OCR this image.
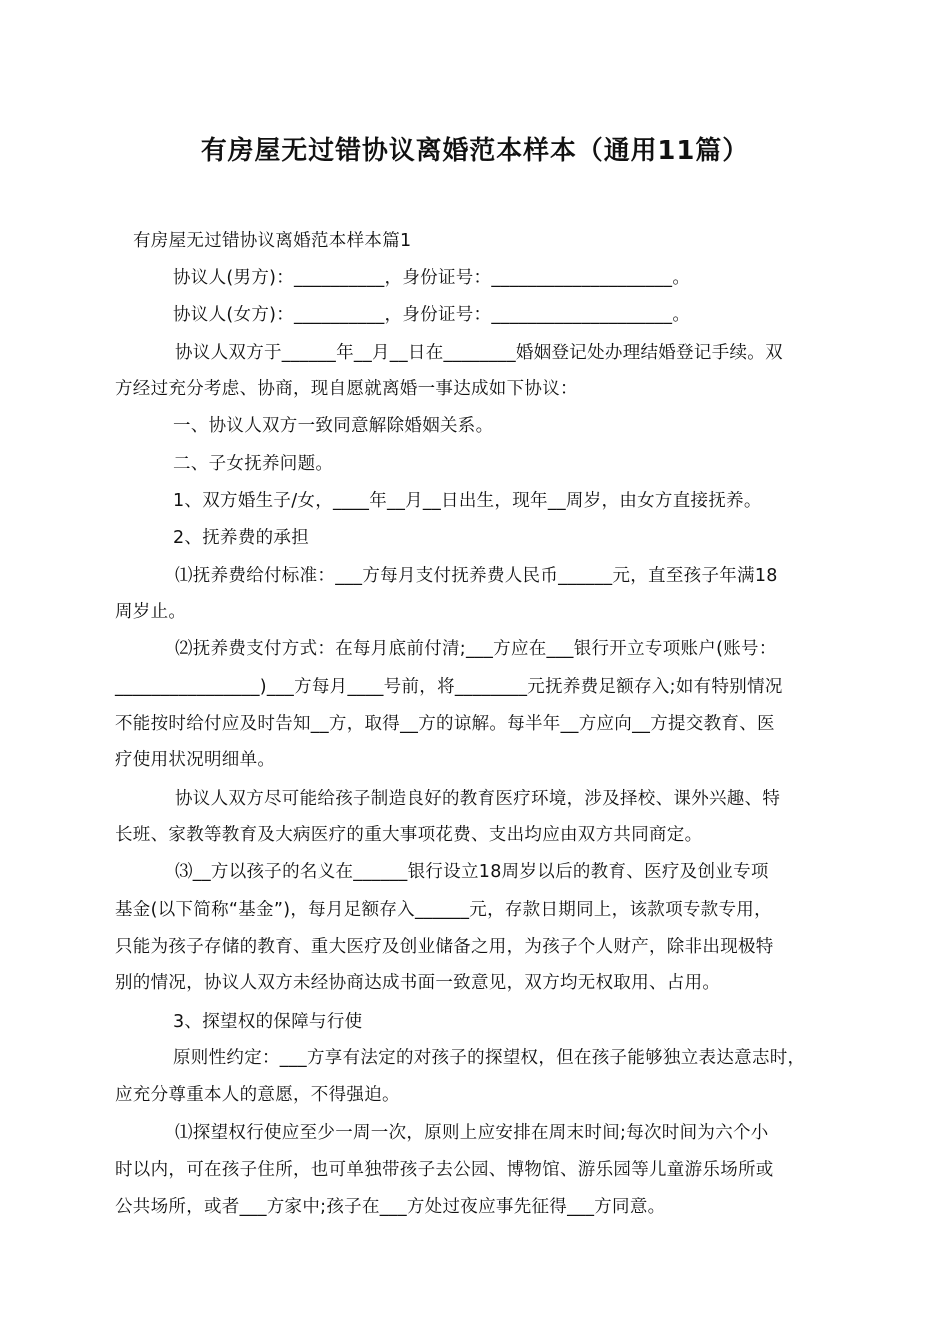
有房屋无过错协议离婚范本样本（通用11篇）
有房屋无过错协议离婚范本样本篇1
协议人(男方)：__________，身份证号：____________________。
协议人(女方)：__________，身份证号：____________________。
协议人双方于______年__月__日在________婚姻登记处办理结婚登记手续。双
方经过充分考虑、协商，现自愿就离婚一事达成如下协议：
一、协议人双方一致同意解除婚姻关系。
二、子女抚养问题。
1、双方婚生子/女，____年__月__日出生，现年__周岁，由女方直接抚养。
2、抚养费的承担
⑴抚养费给付标准：___方每月支付抚养费人民币______元，直至孩子年满18
周岁止。
⑵抚养费支付方式：在每月底前付清;___方应在___银行开立专项账户(账号：
________________)___方每月____号前，将________元抚养费足额存入;如有特别情况
不能按时给付应及时告知__方，取得__方的谅解。每半年__方应向__方提交教育、医
疗使用状况明细单。
协议人双方尽可能给孩子制造良好的教育医疗环境，涉及择校、课外兴趣、特
长班、家教等教育及大病医疗的重大事项花费、支出均应由双方共同商定。
⑶__方以孩子的名义在______银行设立18周岁以后的教育、医疗及创业专项
基金(以下简称“基金”)，每月足额存入______元，存款日期同上，该款项专款专用，
只能为孩子存储的教育、重大医疗及创业储备之用，为孩子个人财产，除非出现极特
别的情况，协议人双方未经协商达成书面一致意见，双方均无权取用、占用。
3、探望权的保障与行使
原则性约定：___方享有法定的对孩子的探望权，但在孩子能够独立表达意志时，
应充分尊重本人的意愿，不得强迫。
⑴探望权行使应至少一周一次，原则上应安排在周末时间;每次时间为六个小
时以内，可在孩子住所，也可单独带孩子去公园、博物馆、游乐园等儿童游乐场所或
公共场所，或者___方家中;孩子在___方处过夜应事先征得___方同意。
